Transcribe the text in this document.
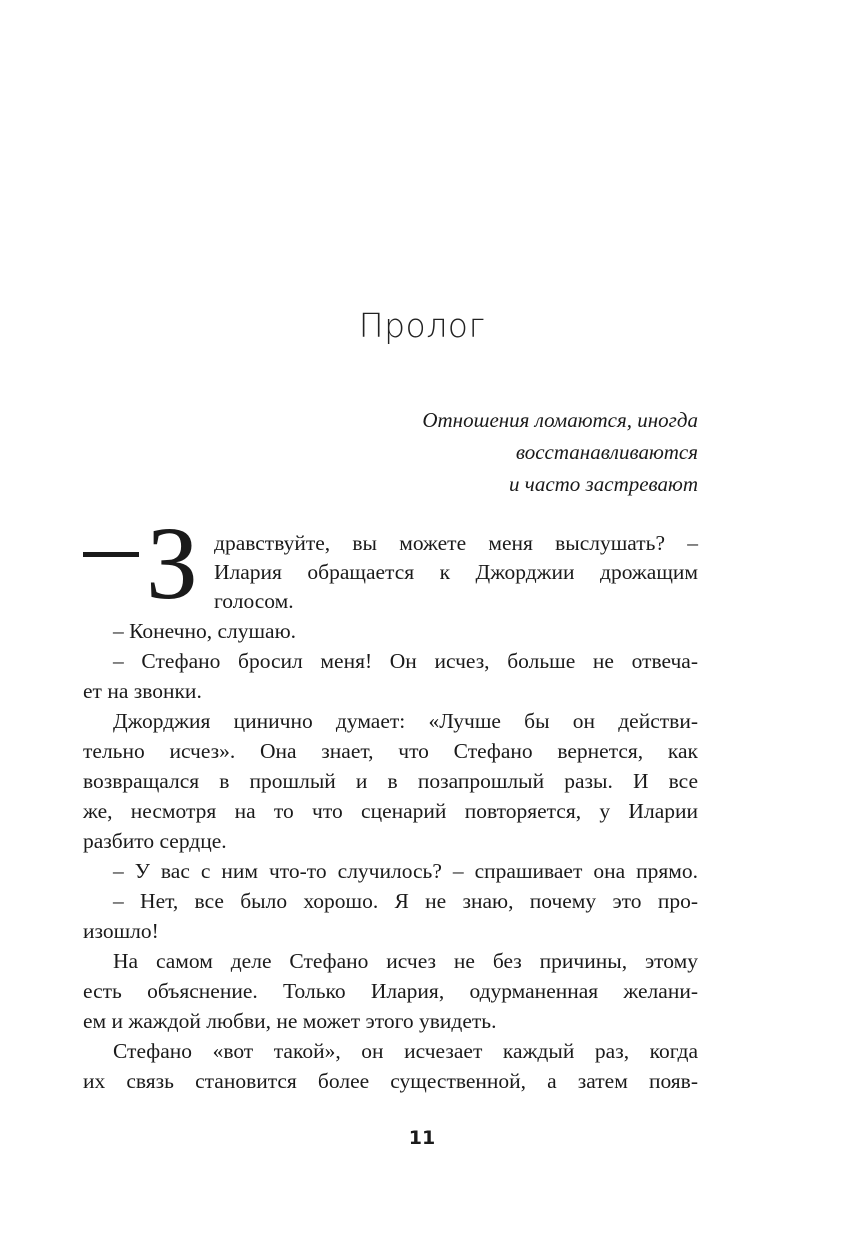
Пролог
Отношения ломаются, иногда
восстанавливаются
и часто застревают
З дравствуйте, вы можете меня выслушать? –
Илария обращается к Джорджии дрожащим
голосом.
– Конечно, слушаю.
– Стефано бросил меня! Он исчез, больше не отвеча-
ет на звонки.
Джорджия цинично думает: «Лучше бы он действи-
тельно исчез». Она знает, что Стефано вернется, как
возвращался в прошлый и в позапрошлый разы. И все
же, несмотря на то что сценарий повторяется, у Иларии
разбито сердце.
– У вас с ним что-то случилось? – спрашивает она прямо.
– Нет, все было хорошо. Я не знаю, почему это про-
изошло!
На самом деле Стефано исчез не без причины, этому
есть объяснение. Только Илария, одурманенная желани-
ем и жаждой любви, не может этого увидеть.
Стефано «вот такой», он исчезает каждый раз, когда
их связь становится более существенной, а затем появ-
11
